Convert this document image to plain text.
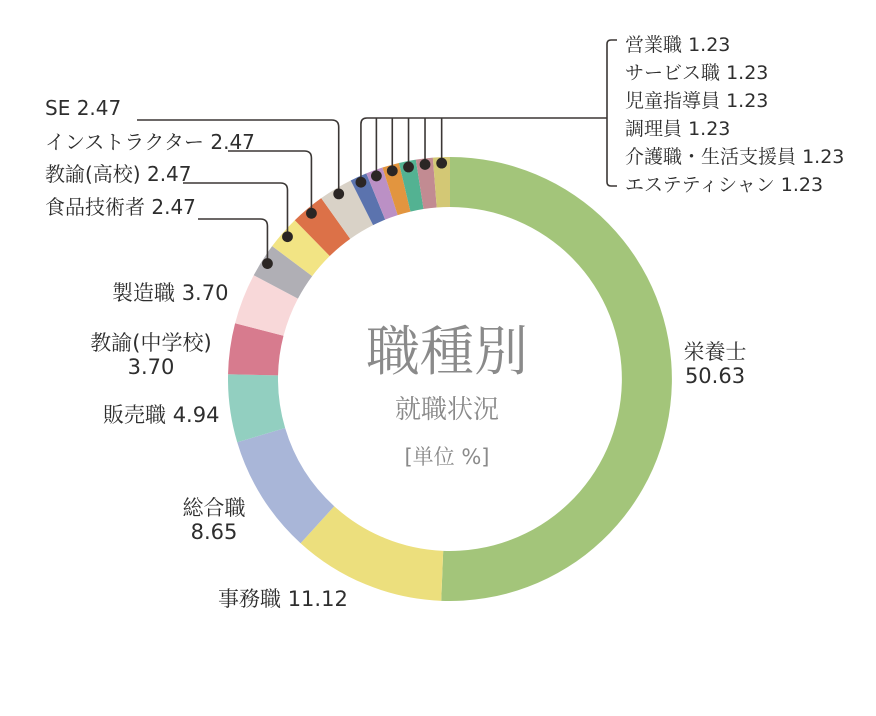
職種別
就職状況
[単位 %]
SE 2.47
インストラクター 2.47
教諭(高校) 2.47
食品技術者 2.47
製造職 3.70
教諭(中学校)
3.70
販売職 4.94
総合職
8.65
事務職 11.12
栄養士
50.63
営業職 1.23
サービス職 1.23
児童指導員 1.23
調理員 1.23
介護職・生活支援員 1.23
エステティシャン 1.23
